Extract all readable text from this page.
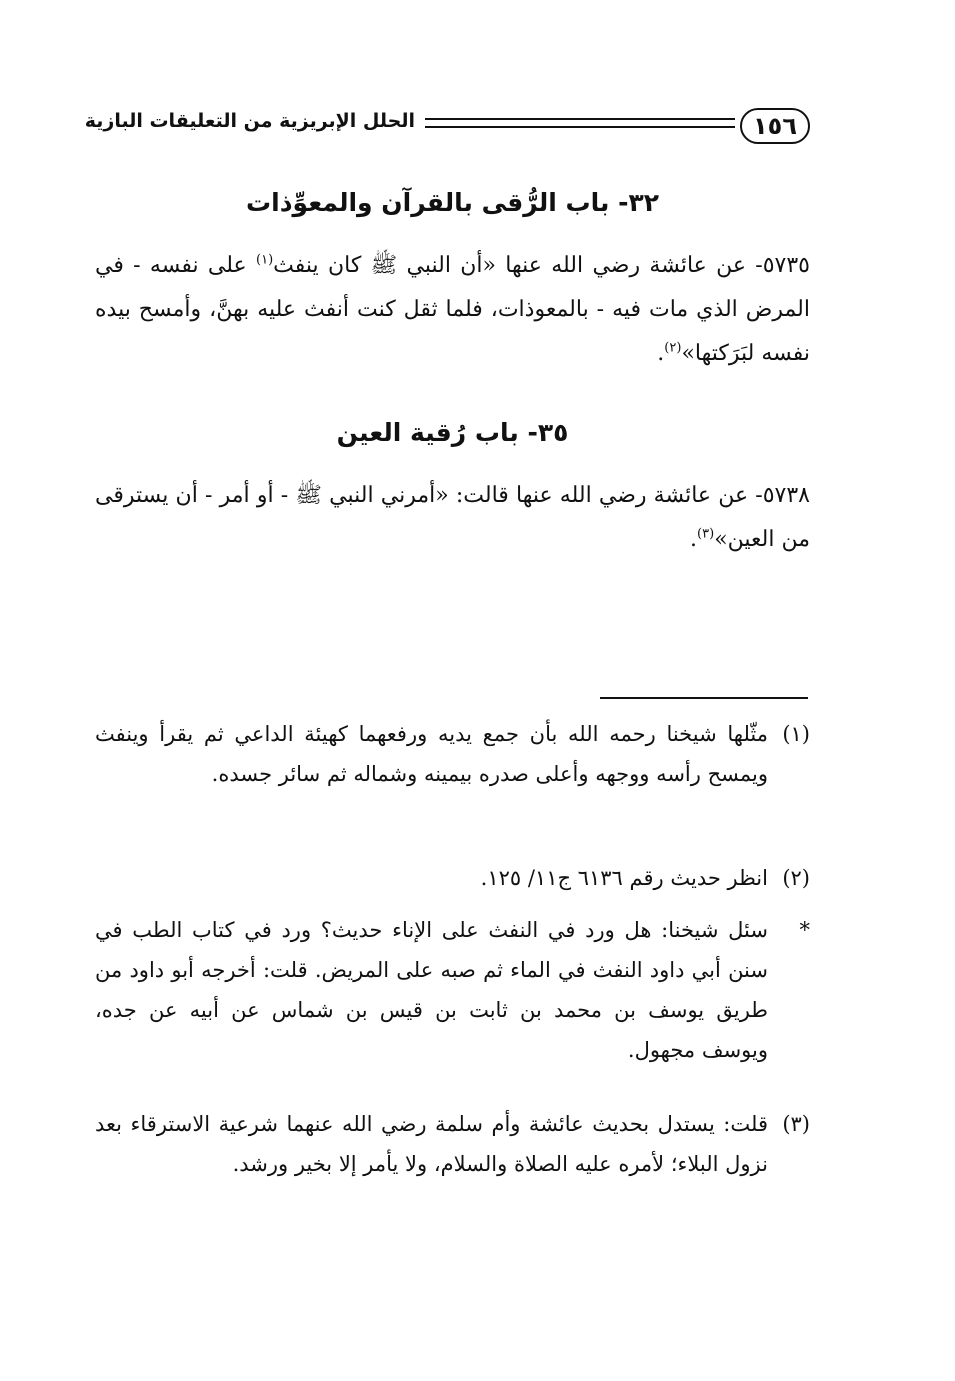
١٥٦
الحلل الإبريزية من التعليقات البازية
٣٢- باب الرُّقى بالقرآن والمعوِّذات
٥٧٣٥- عن عائشة رضي الله عنها «أن النبي ﷺ كان ينفث$^{(١)}$ على نفسه - في المرض الذي مات فيه - بالمعوذات، فلما ثقل كنت أنفث عليه بهنَّ، وأمسح بيده نفسه لبَرَكتها»$^{(٢)}$.
٣٥- باب رُقية العين
٥٧٣٨- عن عائشة رضي الله عنها قالت: «أمرني النبي ﷺ - أو أمر - أن يسترقى من العين»$^{(٣)}$.
(١)
مثّلها شيخنا رحمه الله بأن جمع يديه ورفعهما كهيئة الداعي ثم يقرأ وينفث ويمسح رأسه ووجهه وأعلى صدره بيمينه وشماله ثم سائر جسده.
(٢)
انظر حديث رقم ٦١٣٦ ج١١/ ١٢٥.
*
سئل شيخنا: هل ورد في النفث على الإناء حديث؟ ورد في كتاب الطب في سنن أبي داود النفث في الماء ثم صبه على المريض. قلت: أخرجه أبو داود من طريق يوسف بن محمد بن ثابت بن قيس بن شماس عن أبيه عن جده، ويوسف مجهول.
(٣)
قلت: يستدل بحديث عائشة وأم سلمة رضي الله عنهما شرعية الاسترقاء بعد نزول البلاء؛ لأمره عليه الصلاة والسلام، ولا يأمر إلا بخير ورشد.
